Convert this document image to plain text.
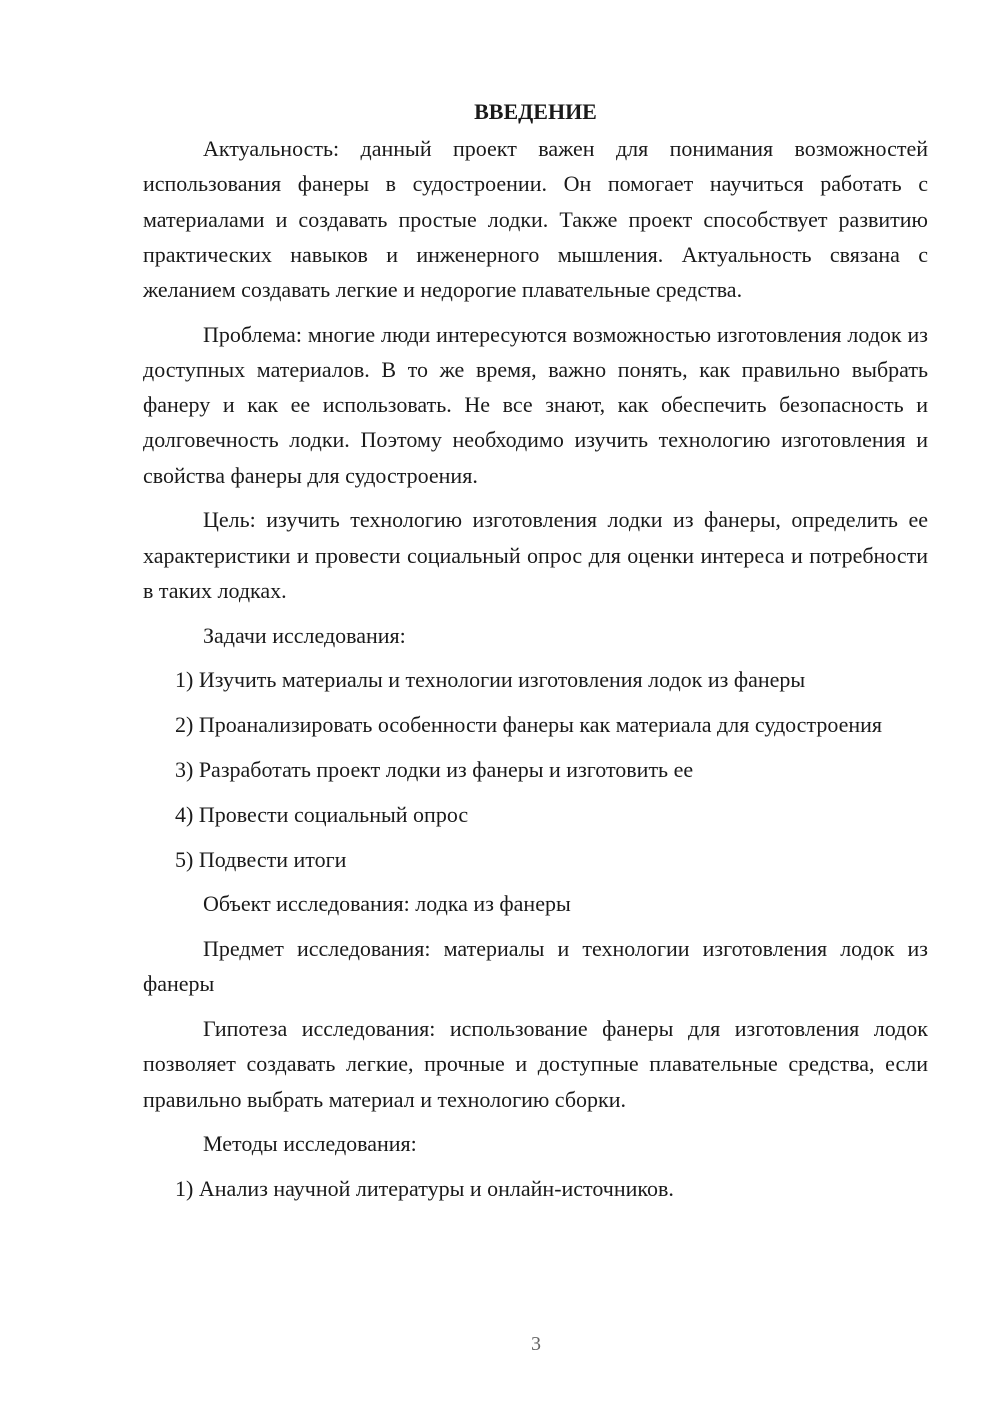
ВВЕДЕНИЕ

Актуальность: данный проект важен для понимания возможностей использования фанеры в судостроении. Он помогает научиться работать с материалами и создавать простые лодки. Также проект способствует развитию практических навыков и инженерного мышления. Актуальность связана с желанием создавать легкие и недорогие плавательные средства.

Проблема: многие люди интересуются возможностью изготовления лодок из доступных материалов. В то же время, важно понять, как правильно выбрать фанеру и как ее использовать. Не все знают, как обеспечить безопасность и долговечность лодки. Поэтому необходимо изучить технологию изготовления и свойства фанеры для судостроения.

Цель: изучить технологию изготовления лодки из фанеры, определить ее характеристики и провести социальный опрос для оценки интереса и потребности в таких лодках.

Задачи исследования:

1) Изучить материалы и технологии изготовления лодок из фанеры

2) Проанализировать особенности фанеры как материала для судостроения

3) Разработать проект лодки из фанеры и изготовить ее

4) Провести социальный опрос

5) Подвести итоги

Объект исследования: лодка из фанеры

Предмет исследования: материалы и технологии изготовления лодок из фанеры

Гипотеза исследования: использование фанеры для изготовления лодок позволяет создавать легкие, прочные и доступные плавательные средства, если правильно выбрать материал и технологию сборки.

Методы исследования:

1) Анализ научной литературы и онлайн-источников.

3
